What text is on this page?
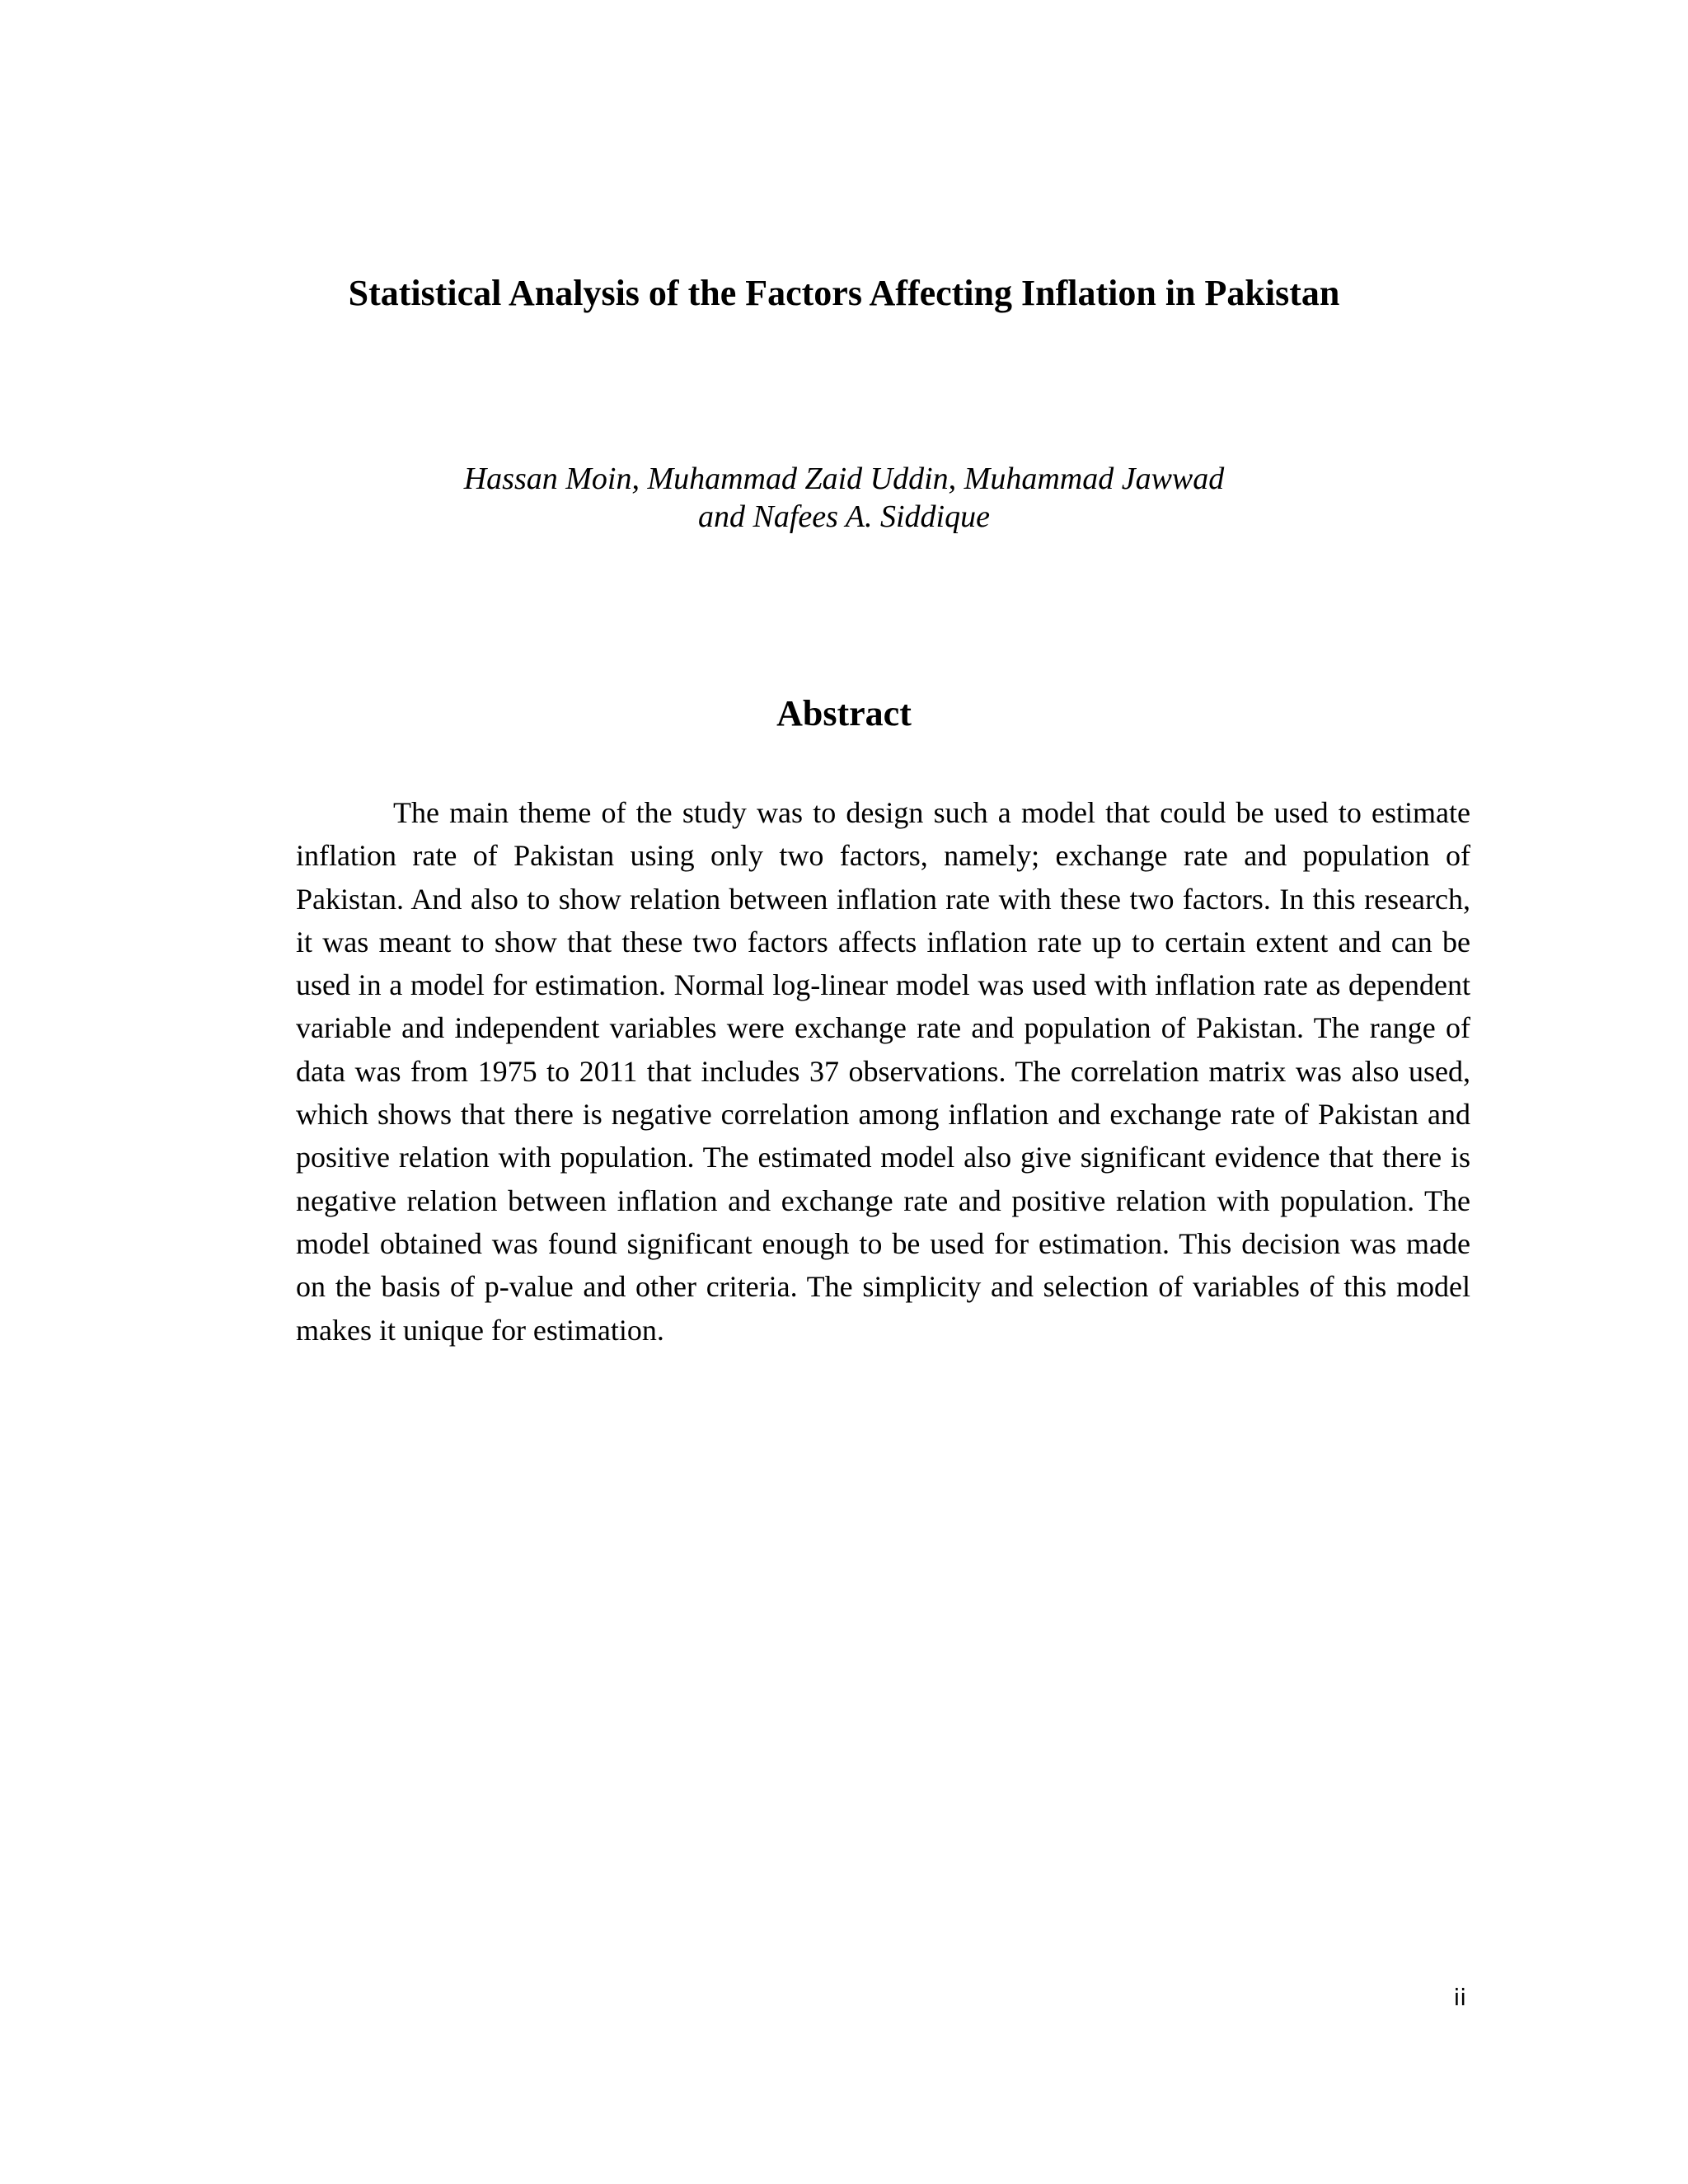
Statistical Analysis of the Factors Affecting Inflation in Pakistan
Hassan Moin, Muhammad Zaid Uddin, Muhammad Jawwad
and Nafees A. Siddique
Abstract

The main theme of the study was to design such a model that could be used to estimate inflation rate of Pakistan using only two factors, namely; exchange rate and population of Pakistan. And also to show relation between inflation rate with these two factors. In this research, it was meant to show that these two factors affects inflation rate up to certain extent and can be used in a model for estimation. Normal log-linear model was used with inflation rate as dependent variable and independent variables were exchange rate and population of Pakistan. The range of data was from 1975 to 2011 that includes 37 observations. The correlation matrix was also used, which shows that there is negative correlation among inflation and exchange rate of Pakistan and positive relation with population. The estimated model also give significant evidence that there is negative relation between inflation and exchange rate and positive relation with population. The model obtained was found significant enough to be used for estimation. This decision was made on the basis of p-value and other criteria. The simplicity and selection of variables of this model makes it unique for estimation.

ii
